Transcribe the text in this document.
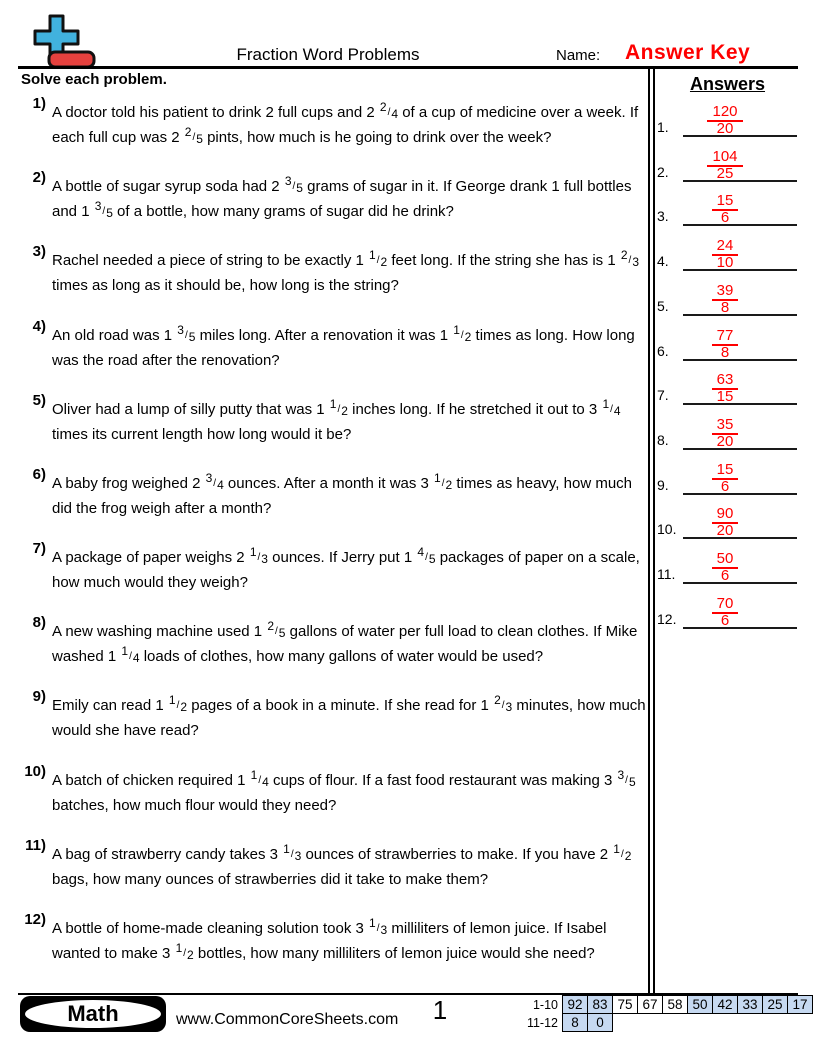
Fraction Word Problems	Name: Answer Key
Solve each problem.
1)
A doctor told his patient to drink 2 full cups and 2 $^2$/4 of a cup of medicine over a week. If each full cup was 2 $^2$/5 pints, how much is he going to drink over the week?
2)
A bottle of sugar syrup soda had 2 $^3$/5 grams of sugar in it. If George drank 1 full bottles and 1 $^3$/5 of a bottle, how many grams of sugar did he drink?
3)
Rachel needed a piece of string to be exactly 1 $^1$/2 feet long. If the string she has is 1 $^2$/3 times as long as it should be, how long is the string?
4)
An old road was 1 $^3$/5 miles long. After a renovation it was 1 $^1$/2 times as long. How long was the road after the renovation?
5)
Oliver had a lump of silly putty that was 1 $^1$/2 inches long. If he stretched it out to 3 $^1$/4 times its current length how long would it be?
6)
A baby frog weighed 2 $^3$/4 ounces. After a month it was 3 $^1$/2 times as heavy, how much did the frog weigh after a month?
7)
A package of paper weighs 2 $^1$/3 ounces. If Jerry put 1 $^4$/5 packages of paper on a scale, how much would they weigh?
8)
A new washing machine used 1 $^2$/5 gallons of water per full load to clean clothes. If Mike washed 1 $^1$/4 loads of clothes, how many gallons of water would be used?
9)
Emily can read 1 $^1$/2 pages of a book in a minute. If she read for 1 $^2$/3 minutes, how much would she have read?
10)
A batch of chicken required 1 $^1$/4 cups of flour. If a fast food restaurant was making 3 $^3$/5 batches, how much flour would they need?
11)
A bag of strawberry candy takes 3 $^1$/3 ounces of strawberries to make. If you have 2 $^1$/2 bags, how many ounces of strawberries did it take to make them?
12)
A bottle of home-made cleaning solution took 3 $^1$/3 milliliters of lemon juice. If Isabel wanted to make 3 $^1$/2 bottles, how many milliliters of lemon juice would she need?
Answers
1.
120
20
2.
104
25
3.
15
6
4.
24
10
5.
39
8
6.
77
8
7.
63
15
8.
35
20
9.
15
6
10.
90
20
11.
50
6
12.
70
6
Math	www.CommonCoreSheets.com	1	1-10 92 83 75 67 58 50 42 33 25 17
11-12 8	0
